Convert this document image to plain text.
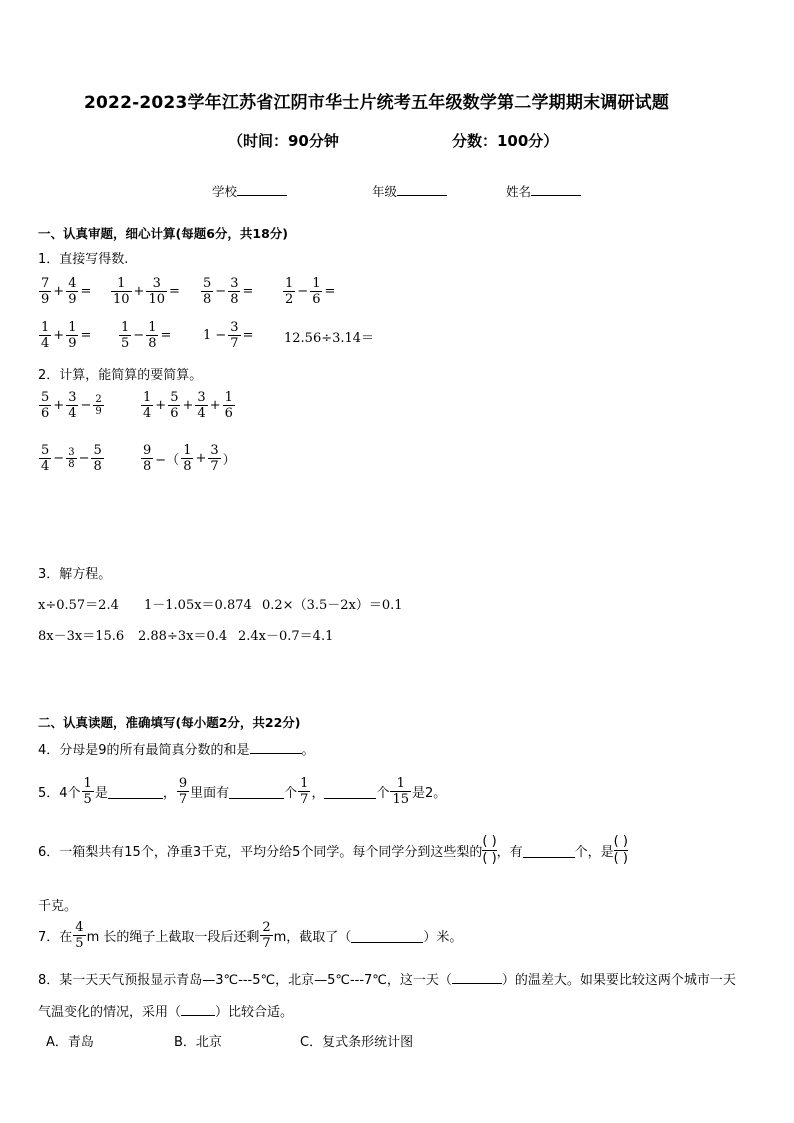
2022-2023学年江苏省江阴市华士片统考五年级数学第二学期期末调研试题
（时间：90分钟	分数：100分）
学校	年级	姓名
一、认真审题，细心计算(每题6分，共18分)
1．直接写得数.
$\frac{7}{9} + \frac{4}{9} = \frac{1}{10} + \frac{3}{10} = \frac{5}{8} - \frac{3}{8} = \frac{1}{2} - \frac{1}{6}$ =
$\frac{1}{4} + \frac{1}{9} = \frac{1}{5} - \frac{1}{8} = 1 - \frac{3}{7} = 12.56\div 3.14=$
2．计算，能简算的要简算。
$\frac{5}{6} + \frac{3}{4} - \frac{2}{9}$	$\frac{1}{4} + \frac{5}{6} + \frac{3}{4} + \frac{1}{6}$
$\frac{5}{4} - \frac{3}{8} - \frac{5}{8}$	$\frac{9}{8}$ −（ $\frac{1}{8} + \frac{3}{7}$ ）
3．解方程。
x÷0.57＝2.4 1－1.05x＝0.874 0.2×（3.5－2x）＝0.1
8x－3x＝15.6 2.88÷3x＝0.4 2.4x－0.7＝4.1
二、认真读题，准确填写(每小题2分，共22分)
4．分母是9的所有最简真分数的和是	。
5．4个 $\frac{1}{5}$ 是	， $\frac{9}{7}$ 里面有	个 $\frac{1}{7}$ ，	个 $\frac{1}{15}$ 是2。
6．一箱梨共有15个，净重3千克，平均分给5个同学。每个同学分到这些梨的 $\frac{( )}{( )}$ ，有	个，是 $\frac{( )}{( )}$
千克。
7．在 $\frac{4}{5}$ m 长的绳子上截取一段后还剩 $\frac{2}{7}$ m，截取了（	）米。
8．某一天天气预报显示青岛—3℃---5℃，北京—5℃---7℃，这一天（	）的温差大。如果要比较这两个城市一天
气温变化的情况，采用（	）比较合适。
A．青岛	B．北京	C．复式条形统计图
